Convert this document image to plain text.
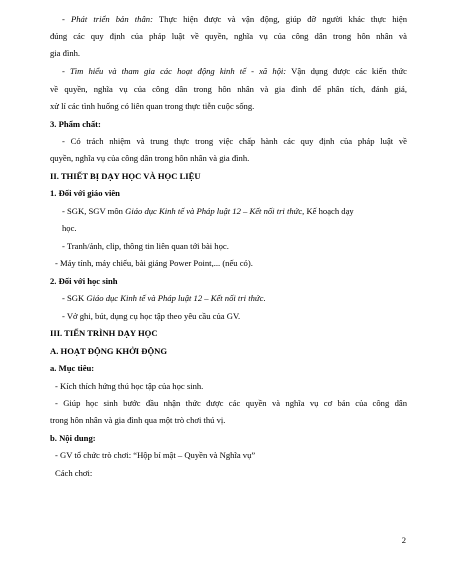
- Phát triển bản thân: Thực hiện được và vận động, giúp đỡ người khác thực hiện
đúng các quy định của pháp luật về quyền, nghĩa vụ của công dân trong hôn nhân và
gia đình.
- Tìm hiểu và tham gia các hoạt động kinh tế - xã hội: Vận dụng được các kiến thức
về quyền, nghĩa vụ của công dân trong hôn nhân và gia đình để phân tích, đánh giá,
xử lí các tình huống có liên quan trong thực tiễn cuộc sống.
3. Phẩm chất:
- Có trách nhiệm và trung thực trong việc chấp hành các quy định của pháp luật về
quyền, nghĩa vụ của công dân trong hôn nhân và gia đình.
II. THIẾT BỊ DẠY HỌC VÀ HỌC LIỆU
1. Đối với giáo viên
- SGK, SGV môn Giáo dục Kinh tế và Pháp luật 12 – Kết nối tri thức, Kế hoạch dạy
học.
- Tranh/ảnh, clip, thông tin liên quan tới bài học.
- Máy tính, máy chiếu, bài giảng Power Point,... (nếu có).
2. Đối với học sinh
- SGK Giáo dục Kinh tế và Pháp luật 12 – Kết nối tri thức.
- Vở ghi, bút, dụng cụ học tập theo yêu cầu của GV.
III. TIẾN TRÌNH DẠY HỌC
A. HOẠT ĐỘNG KHỞI ĐỘNG
a. Mục tiêu:
- Kích thích hứng thú học tập của học sinh.
- Giúp học sinh bước đầu nhận thức được các quyền và nghĩa vụ cơ bản của công dân
trong hôn nhân và gia đình qua một trò chơi thú vị.
b. Nội dung:
- GV tổ chức trò chơi: “Hộp bí mật – Quyền và Nghĩa vụ”
Cách chơi:
2
